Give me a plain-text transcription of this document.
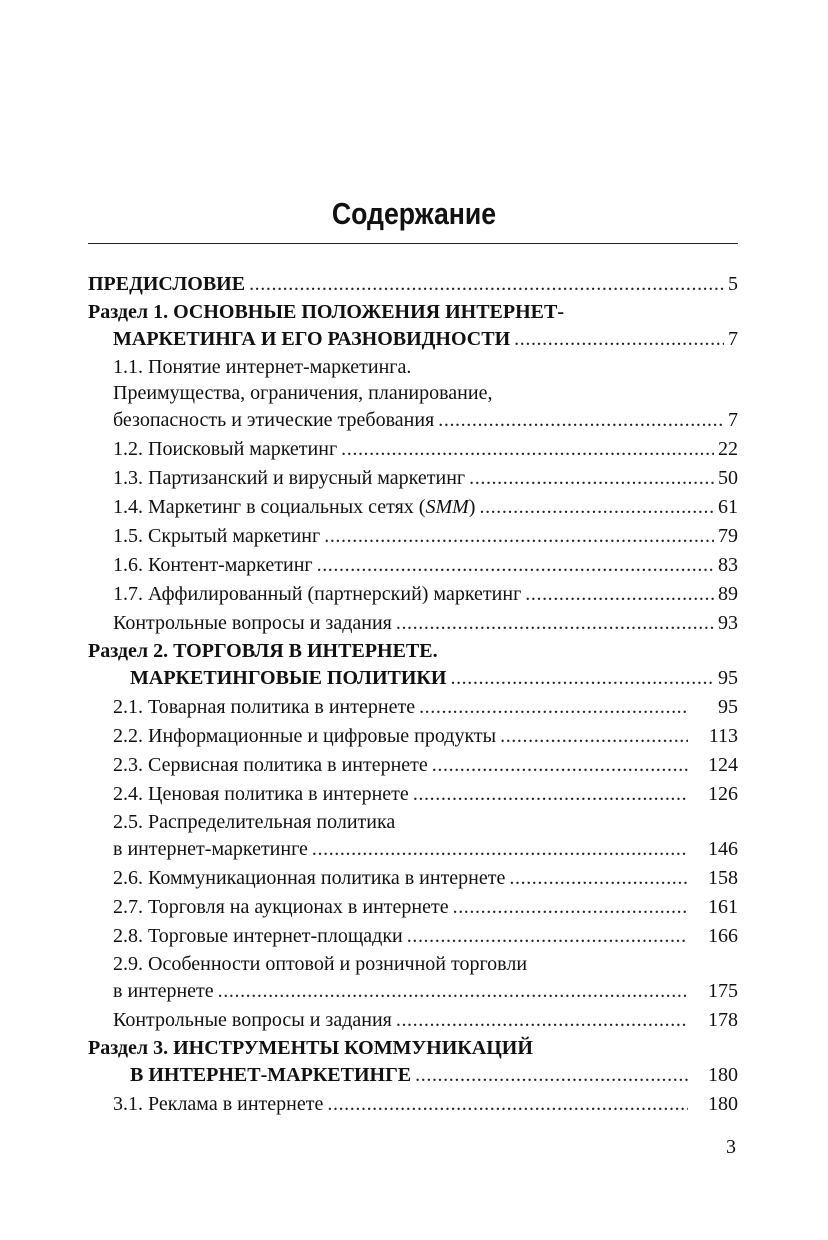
Содержание
ПРЕДИСЛОВИЕ . . .	5
Раздел 1. ОСНОВНЫЕ ПОЛОЖЕНИЯ ИНТЕРНЕТ-
МАРКЕТИНГА И ЕГО РАЗНОВИДНОСТИ . . .	7
1.1. Понятие интернет-маркетинга.
Преимущества, ограничения, планирование,
безопасность и этические требования . . .	7
1.2. Поисковый маркетинг . . .	22
1.3. Партизанский и вирусный маркетинг . . .	50
1.4. Маркетинг в социальных сетях (SMM) . . .	61
1.5. Скрытый маркетинг . . .	79
1.6. Контент-маркетинг . . .	83
1.7. Аффилированный (партнерский) маркетинг . . .	89
Контрольные вопросы и задания . . .	93
Раздел 2. ТОРГОВЛЯ В ИНТЕРНЕТЕ.
МАРКЕТИНГОВЫЕ ПОЛИТИКИ . . .	95
2.1. Товарная политика в интернете . . .	95
2.2. Информационные и цифровые продукты . . .	113
2.3. Сервисная политика в интернете . . .	124
2.4. Ценовая политика в интернете . . .	126
2.5. Распределительная политика
в интернет-маркетинге . . .	146
2.6. Коммуникационная политика в интернете . . .	158
2.7. Торговля на аукционах в интернете . . .	161
2.8. Торговые интернет-площадки . . .	166
2.9. Особенности оптовой и розничной торговли
в интернете . . .	175
Контрольные вопросы и задания . . .	178
Раздел 3. ИНСТРУМЕНТЫ КОММУНИКАЦИЙ
В ИНТЕРНЕТ-МАРКЕТИНГЕ . . .	180
3.1. Реклама в интернете . . .	180
3
